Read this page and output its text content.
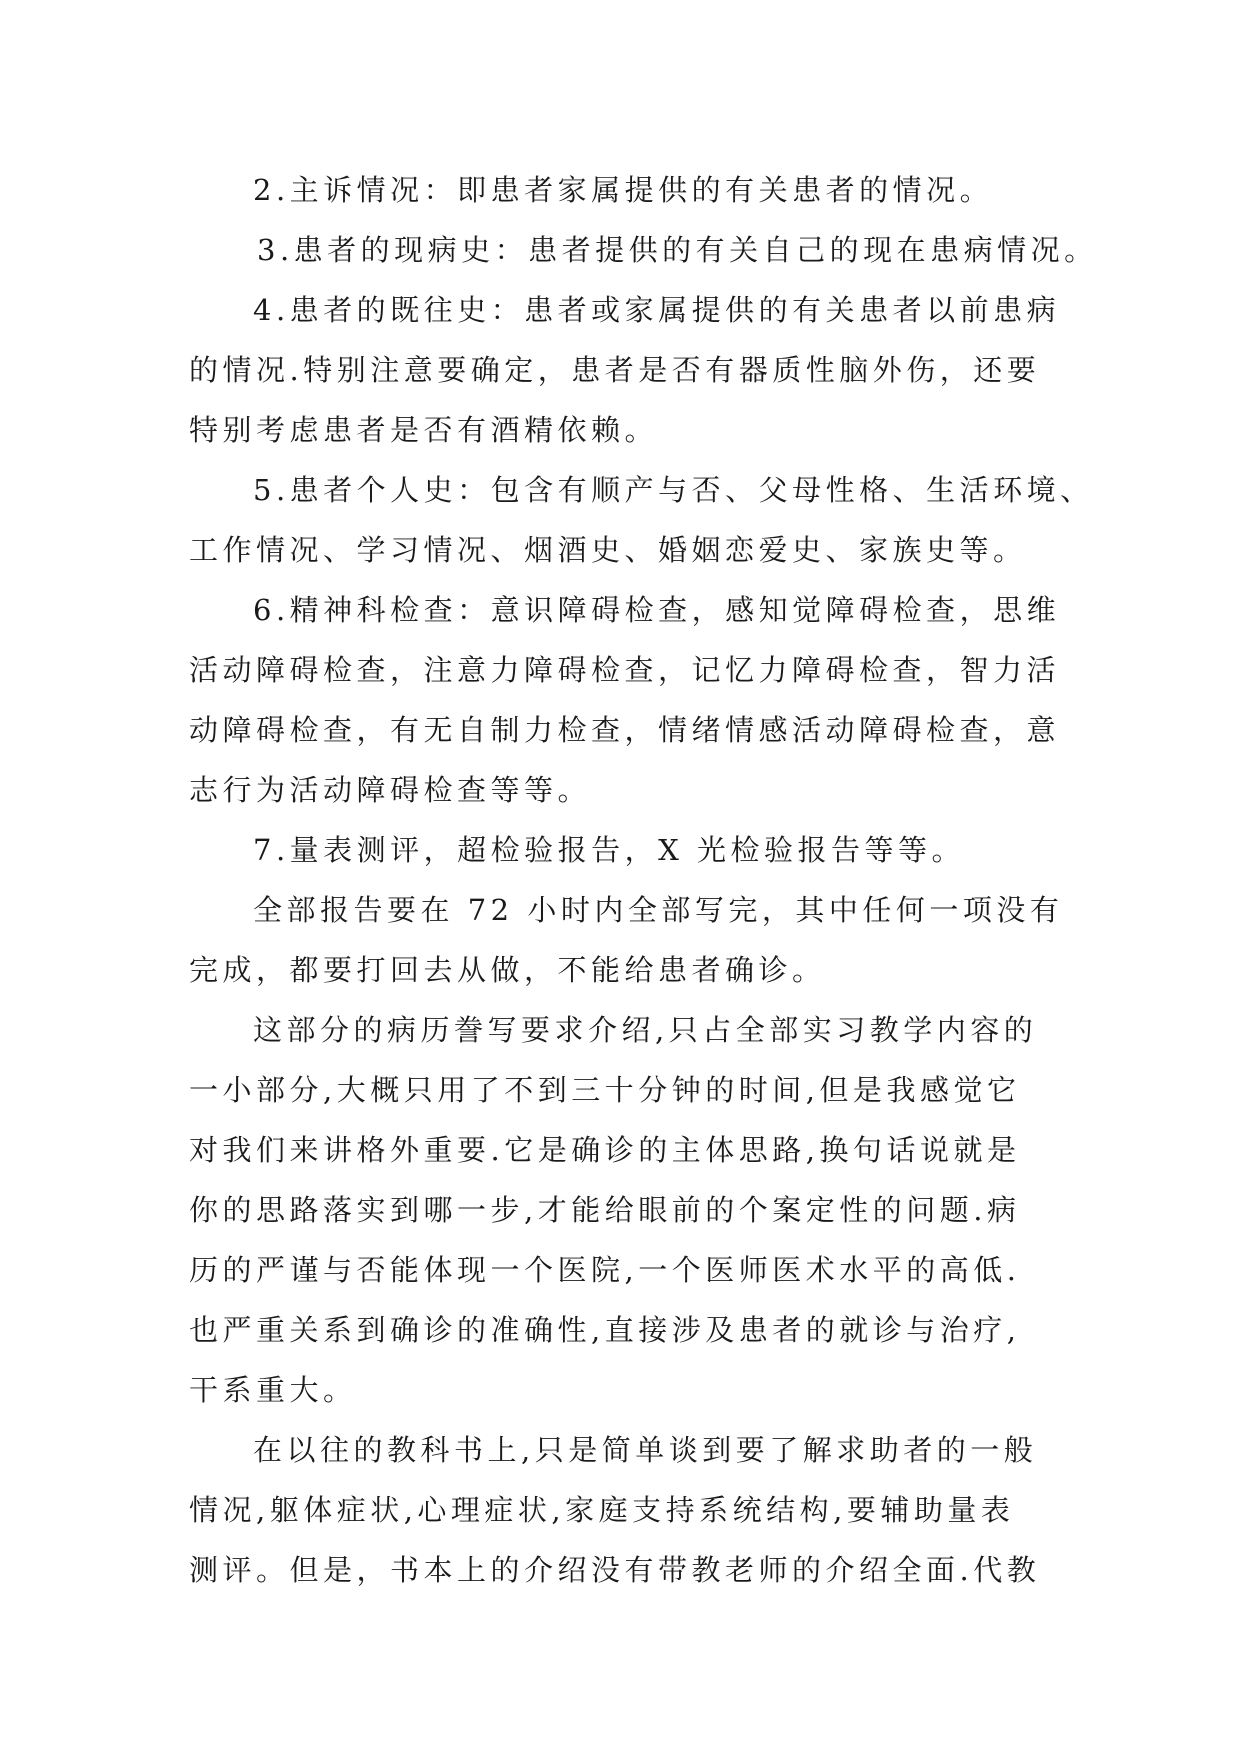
2.主诉情况：即患者家属提供的有关患者的情况。
3.患者的现病史：患者提供的有关自己的现在患病情况。
4.患者的既往史：患者或家属提供的有关患者以前患病
的情况.特别注意要确定，患者是否有器质性脑外伤，还要
特别考虑患者是否有酒精依赖。
5.患者个人史：包含有顺产与否、父母性格、生活环境、
工作情况、学习情况、烟酒史、婚姻恋爱史、家族史等。
6.精神科检查：意识障碍检查，感知觉障碍检查，思维
活动障碍检查，注意力障碍检查，记忆力障碍检查，智力活
动障碍检查，有无自制力检查，情绪情感活动障碍检查，意
志行为活动障碍检查等等。
7.量表测评，超检验报告，X 光检验报告等等。
全部报告要在 72 小时内全部写完，其中任何一项没有
完成，都要打回去从做，不能给患者确诊。
这部分的病历誊写要求介绍,只占全部实习教学内容的
一小部分,大概只用了不到三十分钟的时间,但是我感觉它
对我们来讲格外重要.它是确诊的主体思路,换句话说就是
你的思路落实到哪一步,才能给眼前的个案定性的问题.病
历的严谨与否能体现一个医院,一个医师医术水平的高低.
也严重关系到确诊的准确性,直接涉及患者的就诊与治疗,
干系重大。
在以往的教科书上,只是简单谈到要了解求助者的一般
情况,躯体症状,心理症状,家庭支持系统结构,要辅助量表
测评。但是，书本上的介绍没有带教老师的介绍全面.代教
